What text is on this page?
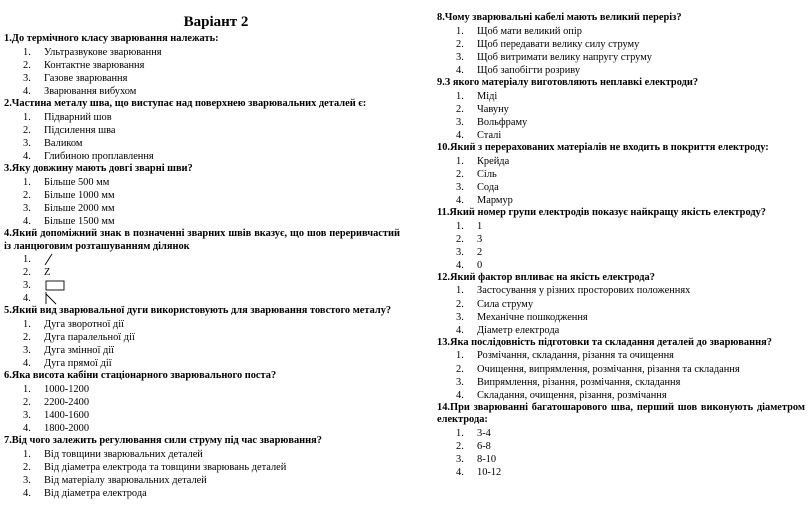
Варіант 2
1.До термічного класу зварювання належать:
1. Ультразвукове зварювання
2. Контактне зварювання
3. Газове зварювання
4. Зварювання вибухом
2.Частина металу шва, що виступає над поверхнею зварювальних деталей є:
1. Підварний шов
2. Підсилення шва
3. Валиком
4. Глибиною проплавлення
3.Яку довжину мають довгі зварні шви?
1. Більше 500 мм
2. Більше 1000 мм
3. Більше 2000 мм
4. Більше 1500 мм
4.Який допоміжний знак в позначенні зварних швів вказує, що шов переривчастий із ланцюговим розташуванням ділянок
1.
2. Z
3.
4.
5.Який вид зварювальної дуги використовують для зварювання товстого металу?
1. Дуга зворотної дії
2. Дуга паралельної дії
3. Дуга змінної дії
4. Дуга прямої дії
6.Яка висота кабіни стаціонарного зварювального поста?
1. 1000-1200
2. 2200-2400
3. 1400-1600
4. 1800-2000
7.Від чого залежить регулювання сили струму під час зварювання?
1. Від товщини зварювальних деталей
2. Від діаметра електрода та товщини зварювань деталей
3. Від матеріалу зварювальних деталей
4. Від діаметра електрода
8.Чому зварювальні кабелі мають великий переріз?
1. Щоб мати великий опір
2. Щоб передавати велику силу струму
3. Щоб витримати велику напругу струму
4. Щоб запобігти розриву
9.З якого матеріалу виготовляють неплавкі електроди?
1. Міді
2. Чавуну
3. Вольфраму
4. Сталі
10.Який з перерахованих матеріалів не входить в покриття електроду:
1. Крейда
2. Сіль
3. Сода
4. Мармур
11.Який номер групи електродів показує найкращу якість електроду?
1. 1
2. 3
3. 2
4. 0
12.Який фактор впливає на якість електрода?
1. Застосування у різних просторових положеннях
2. Сила струму
3. Механічне пошкодження
4. Діаметр електрода
13.Яка послідовність підготовки та складання деталей до зварювання?
1. Розмічання, складання, різання та очищення
2. Очищення, випрямлення, розмічання, різання та складання
3. Випрямлення, різання, розмічання, складання
4. Складання, очищення, різання, розмічання
14.При зварюванні багатошарового шва, перший шов виконують діаметром електрода:
1. 3-4
2. 6-8
3. 8-10
4. 10-12
